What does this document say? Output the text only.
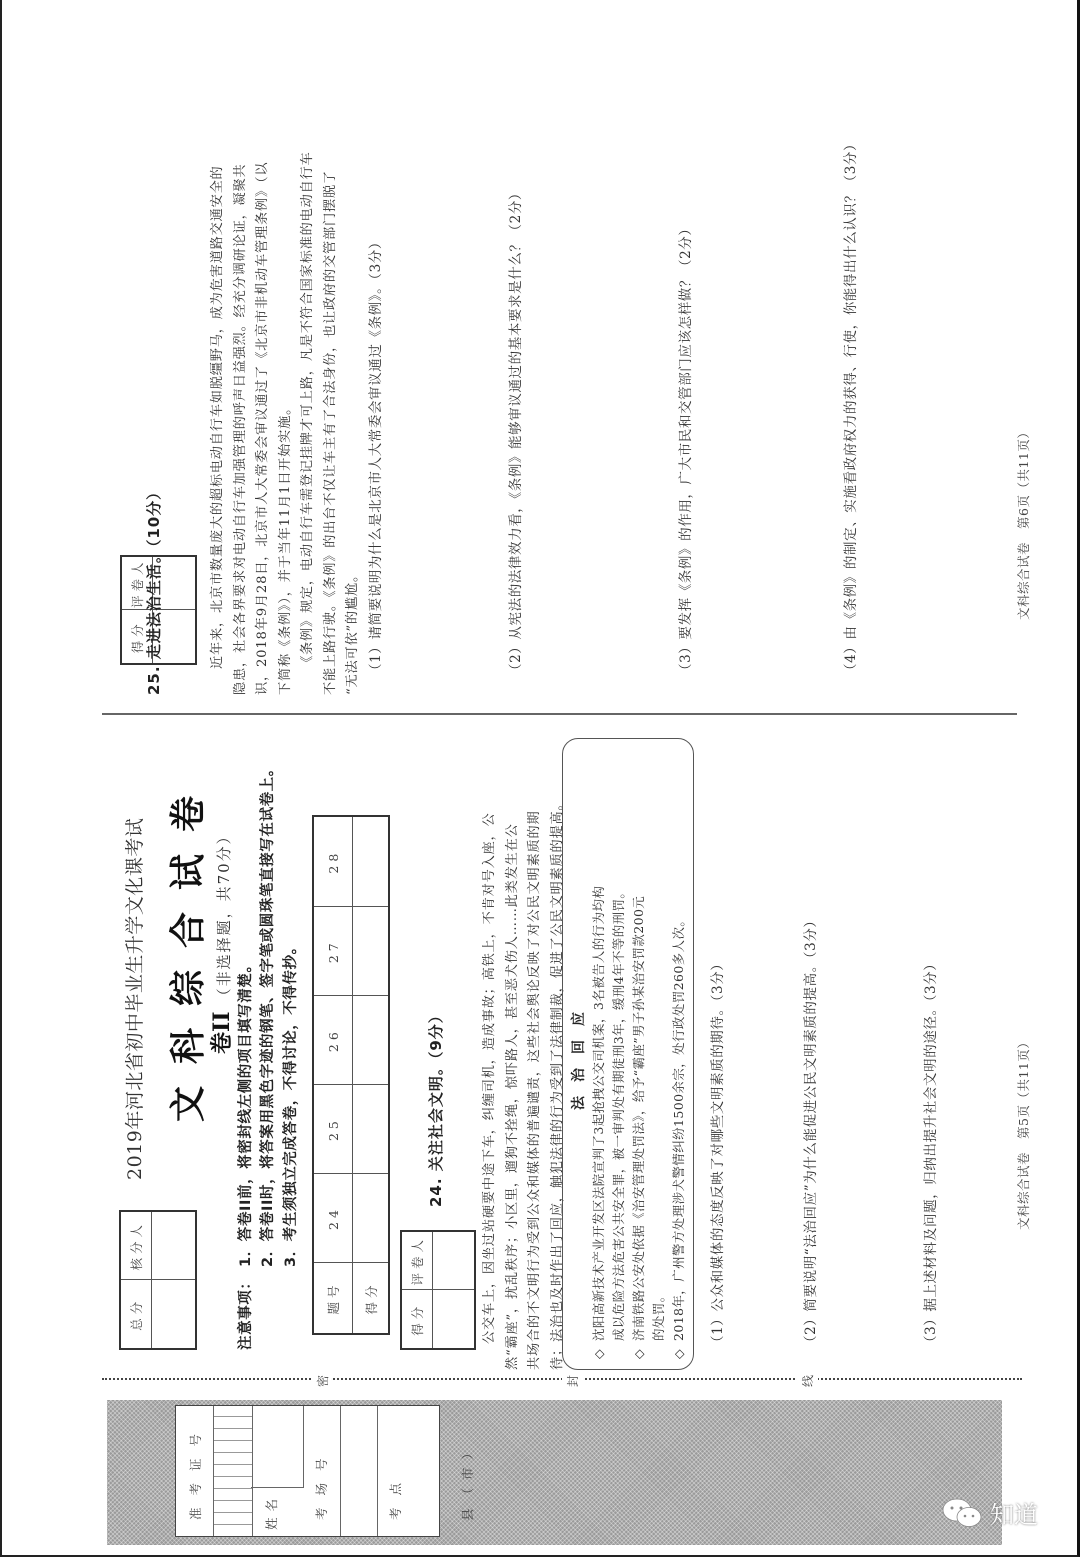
准考证号	姓名	考点	县（市）
密	封	线
总分	核分人

2019年河北省初中毕业生升学文化课考试 文科综合试卷 卷II（非选择题，共70分）
注意事项：
1．答卷II前，将密封线左侧的项目填写清楚。 2．答卷II时，将答案用黑色字迹的钢笔、签字笔或圆珠笔直接写在试卷上。 3．考生须独立完成答卷，不得讨论，不得传抄。
题号	24	25	26	27	28
得分					
得分	评卷人

24. 关注社会文明。（9分）	公交车上，因坐过站硬要中途下车，纠缠司机，造成事故；高铁上，不肯对号入座，公 然“霸座”，扰乱秩序；小区里，遛狗不拴绳，惊吓路人，甚至恶犬伤人……此类发生在公 共场合的不文明行为受到公众和媒体的普遍谴责，这些社会舆论反映了对公民文明素质的期 待；法治也及时作出了回应，触犯法律的行为受到了法律制裁，促进了公民文明素质的提高。 法治回应
◇沈阳高新技术产业开发区法院宣判了3起抢拽公交司机案，3名被告人的行为均构 成以危险方法危害公共安全罪，被一审判处有期徒刑3年，缓刑4年不等的刑罚。
◇济南铁路公安处依据《治安管理处罚法》，给予“霸座”男子孙某治安罚款200元 的处罚。
◇2018年，广州警方处理涉犬警情纠纷1500余宗，处行政处罚260多人次。 （1）公众和媒体的态度反映了对哪些文明素质的期待。（3分）	（2）简要说明“法治回应”为什么能促进公民文明素质的提高。（3分）	（3）据上述材料及问题，归纳出提升社会文明的途径。（3分）	文科综合试卷　第5页（共11页）
得分	评卷人

25. 走进法治生活。（10分）	近年来，北京市数量庞大的超标电动自行车如脱缰野马，成为危害道路交通安全的 隐患，社会各界要求对电动自行车加强管理的呼声日益强烈。经充分调研论证，凝聚共 识，2018年9月28日，北京市人大常委会审议通过了《北京市非机动车管理条例》（以 下简称《条例》），并于当年11月1日开始实施。 《条例》规定，电动自行车需登记挂牌才可上路，凡是不符合国家标准的电动自行车 不能上路行驶。《条例》的出台不仅让车主有了合法身份，也让政府的交管部门摆脱了 “无法可依”的尴尬。 （1）请简要说明为什么是北京市人大常委会审议通过《条例》。（3分）	（2）从宪法的法律效力看，《条例》能够审议通过的基本要求是什么？（2分）	（3）要发挥《条例》的作用，广大市民和交管部门应该怎样做？（2分）	（4）由《条例》的制定、实施看政府权力的获得、行使，你能得出什么认识？（3分）	文科综合试卷　第6页（共11页）
知道
